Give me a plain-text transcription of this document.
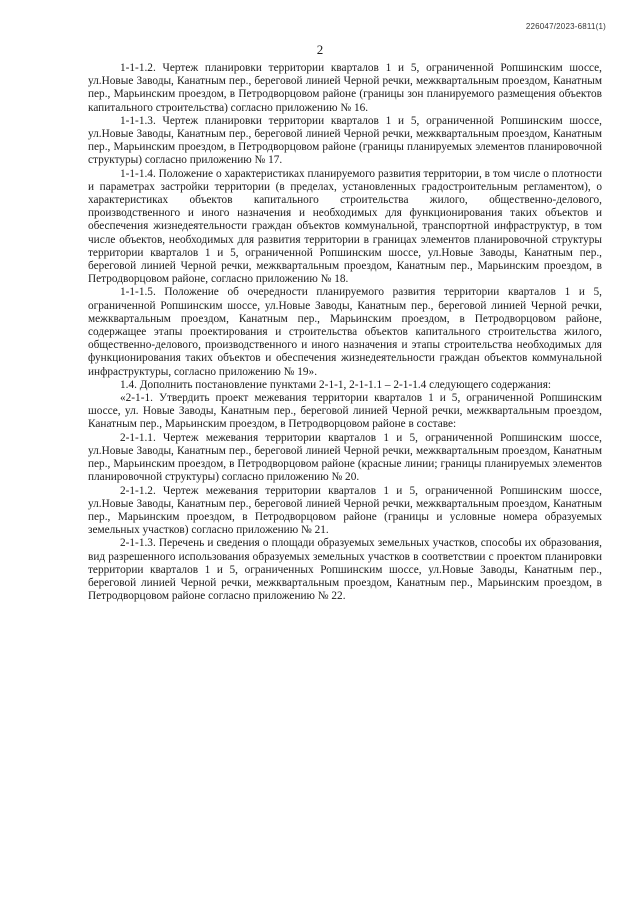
226047/2023-6811(1)
2

1-1-1.2. Чертеж планировки территории кварталов 1 и 5, ограниченной Ропшинским шоссе, ул.Новые Заводы, Канатным пер., береговой линией Черной речки, межквартальным проездом, Канатным пер., Марьинским проездом, в Петродворцовом районе (границы зон планируемого размещения объектов капитального строительства) согласно приложению № 16.

1-1-1.3. Чертеж планировки территории кварталов 1 и 5, ограниченной Ропшинским шоссе, ул.Новые Заводы, Канатным пер., береговой линией Черной речки, межквартальным проездом, Канатным пер., Марьинским проездом, в Петродворцовом районе (границы планируемых элементов планировочной структуры) согласно приложению № 17.

1-1-1.4. Положение о характеристиках планируемого развития территории, в том числе о плотности и параметрах застройки территории (в пределах, установленных градостроительным регламентом), о характеристиках объектов капитального строительства жилого, общественно-делового, производственного и иного назначения и необходимых для функционирования таких объектов и обеспечения жизнедеятельности граждан объектов коммунальной, транспортной инфраструктур, в том числе объектов, необходимых для развития территории в границах элементов планировочной структуры территории кварталов 1 и 5, ограниченной Ропшинским шоссе, ул.Новые Заводы, Канатным пер., береговой линией Черной речки, межквартальным проездом, Канатным пер., Марьинским проездом, в Петродворцовом районе, согласно приложению № 18.

1-1-1.5. Положение об очередности планируемого развития территории кварталов 1 и 5, ограниченной Ропшинским шоссе, ул.Новые Заводы, Канатным пер., береговой линией Черной речки, межквартальным проездом, Канатным пер., Марьинским проездом, в Петродворцовом районе, содержащее этапы проектирования и строительства объектов капитального строительства жилого, общественно-делового, производственного и иного назначения и этапы строительства необходимых для функционирования таких объектов и обеспечения жизнедеятельности граждан объектов коммунальной инфраструктуры, согласно приложению № 19».

1.4. Дополнить постановление пунктами 2-1-1, 2-1-1.1 – 2-1-1.4 следующего содержания:

«2-1-1. Утвердить проект межевания территории кварталов 1 и 5, ограниченной Ропшинским шоссе, ул. Новые Заводы, Канатным пер., береговой линией Черной речки, межквартальным проездом, Канатным пер., Марьинским проездом, в Петродворцовом районе в составе:

2-1-1.1. Чертеж межевания территории кварталов 1 и 5, ограниченной Ропшинским шоссе, ул.Новые Заводы, Канатным пер., береговой линией Черной речки, межквартальным проездом, Канатным пер., Марьинским проездом, в Петродворцовом районе (красные линии; границы планируемых элементов планировочной структуры) согласно приложению № 20.

2-1-1.2. Чертеж межевания территории кварталов 1 и 5, ограниченной Ропшинским шоссе, ул.Новые Заводы, Канатным пер., береговой линией Черной речки, межквартальным проездом, Канатным пер., Марьинским проездом, в Петродворцовом районе (границы и условные номера образуемых земельных участков) согласно приложению № 21.

2-1-1.3. Перечень и сведения о площади образуемых земельных участков, способы их образования, вид разрешенного использования образуемых земельных участков в соответствии с проектом планировки территории кварталов 1 и 5, ограниченных Ропшинским шоссе, ул.Новые Заводы, Канатным пер., береговой линией Черной речки, межквартальным проездом, Канатным пер., Марьинским проездом, в Петродворцовом районе согласно приложению № 22.
